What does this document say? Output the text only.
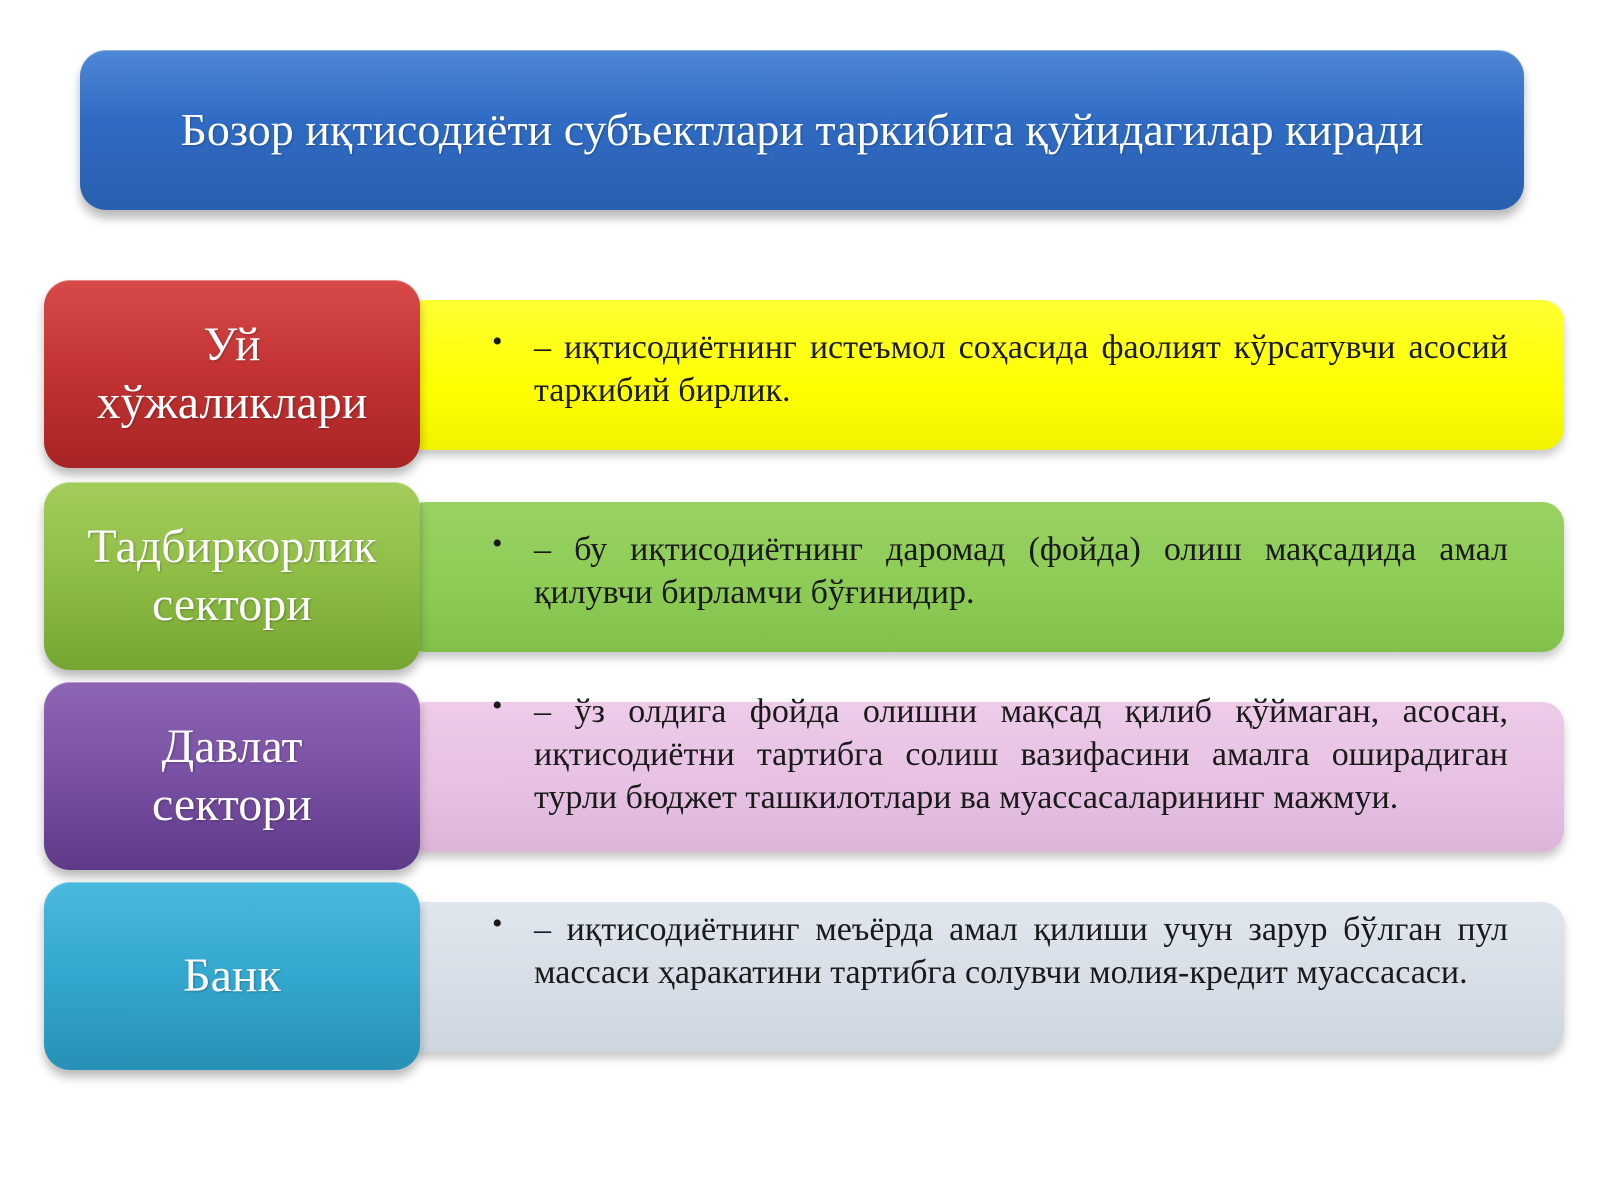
Бозор иқтисодиёти субъектлари таркибига қуйидагилар киради
Уй хўжаликлари
• – иқтисодиётнинг истеъмол соҳасида фаолият кўрсатувчи асосий таркибий бирлик.
Тадбиркорлик сектори
• – бу иқтисодиётнинг даромад (фойда) олиш мақсадида амал қилувчи бирламчи бўғинидир.
Давлат сектори
• – ўз олдига фойда олишни мақсад қилиб қўймаган, асосан, иқтисодиётни тартибга солиш вазифасини амалга оширадиган турли бюджет ташкилотлари ва муассасаларининг мажмуи.
Банк
• – иқтисодиётнинг меъёрда амал қилиши учун зарур бўлган пул массаси ҳаракатини тартибга солувчи молия-кредит муассасаси.
